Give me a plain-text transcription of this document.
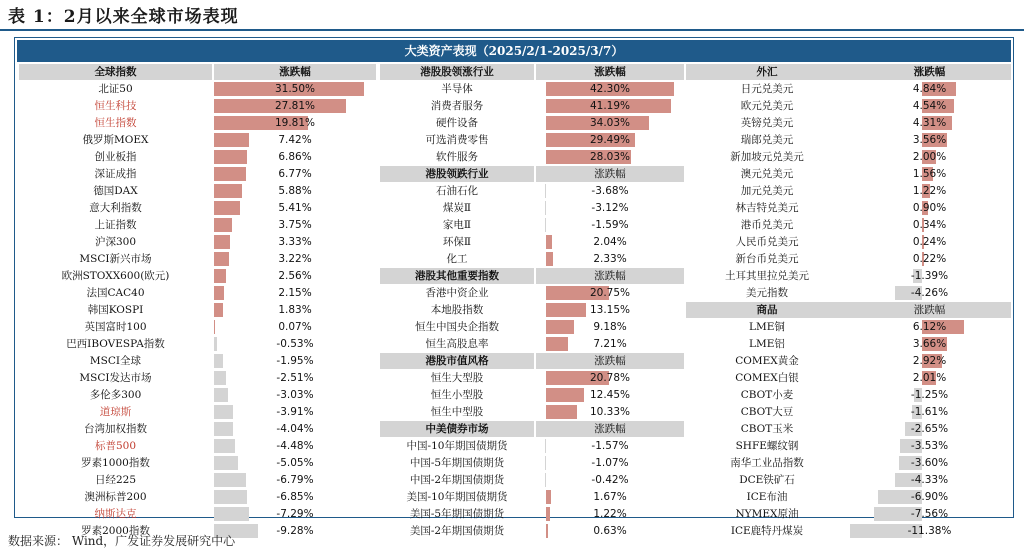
表 1：2月以来全球市场表现
大类资产表现（2025/2/1-2025/3/7）
全球指数	涨跌幅
北证50	31.50%
恒生科技	27.81%
恒生指数	19.81%
俄罗斯MOEX	7.42%
创业板指	6.86%
深证成指	6.77%
德国DAX	5.88%
意大利指数	5.41%
上证指数	3.75%
沪深300	3.33%
MSCI新兴市场	3.22%
欧洲STOXX600(欧元)	2.56%
法国CAC40	2.15%
韩国KOSPI	1.83%
英国富时100	0.07%
巴西IBOVESPA指数	-0.53%
MSCI全球	-1.95%
MSCI发达市场	-2.51%
多伦多300	-3.03%
道琼斯	-3.91%
台湾加权指数	-4.04%
标普500	-4.48%
罗素1000指数	-5.05%
日经225	-6.79%
澳洲标普200	-6.85%
纳斯达克	-7.29%
罗素2000指数	-9.28%
港股股领涨行业	涨跌幅
半导体	42.30%
消费者服务	41.19%
硬件设备	34.03%
可选消费零售	29.49%
软件服务	28.03%
港股领跌行业	涨跌幅
石油石化	-3.68%
煤炭Ⅱ	-3.12%
家电Ⅱ	-1.59%
环保Ⅱ	2.04%
化工	2.33%
港股其他重要指数	涨跌幅
香港中资企业	20.75%
本地股指数	13.15%
恒生中国央企指数	9.18%
恒生高股息率	7.21%
港股市值风格	涨跌幅
恒生大型股	20.78%
恒生小型股	12.45%
恒生中型股	10.33%
中美债券市场	涨跌幅
中国-10年期国债期货	-1.57%
中国-5年期国债期货	-1.07%
中国-2年期国债期货	-0.42%
美国-10年期国债期货	1.67%
美国-5年期国债期货	1.22%
美国-2年期国债期货	0.63%
外汇	涨跌幅
日元兑美元	4.84%
欧元兑美元	4.54%
英镑兑美元	4.31%
瑞郎兑美元	3.56%
新加坡元兑美元	2.00%
澳元兑美元	1.56%
加元兑美元	1.22%
林吉特兑美元	0.90%
港币兑美元	0.34%
人民币兑美元	0.24%
新台币兑美元	0.22%
土耳其里拉兑美元	-1.39%
美元指数	-4.26%
商品	涨跌幅
LME铜	6.12%
LME铝	3.66%
COMEX黄金	2.92%
COMEX白银	2.01%
CBOT小麦	-1.25%
CBOT大豆	-1.61%
CBOT玉米	-2.65%
SHFE螺纹钢	-3.53%
南华工业品指数	-3.60%
DCE铁矿石	-4.33%
ICE布油	-6.90%
NYMEX原油	-7.56%
ICE鹿特丹煤炭	-11.38%
数据来源： Wind，广发证券发展研究中心
